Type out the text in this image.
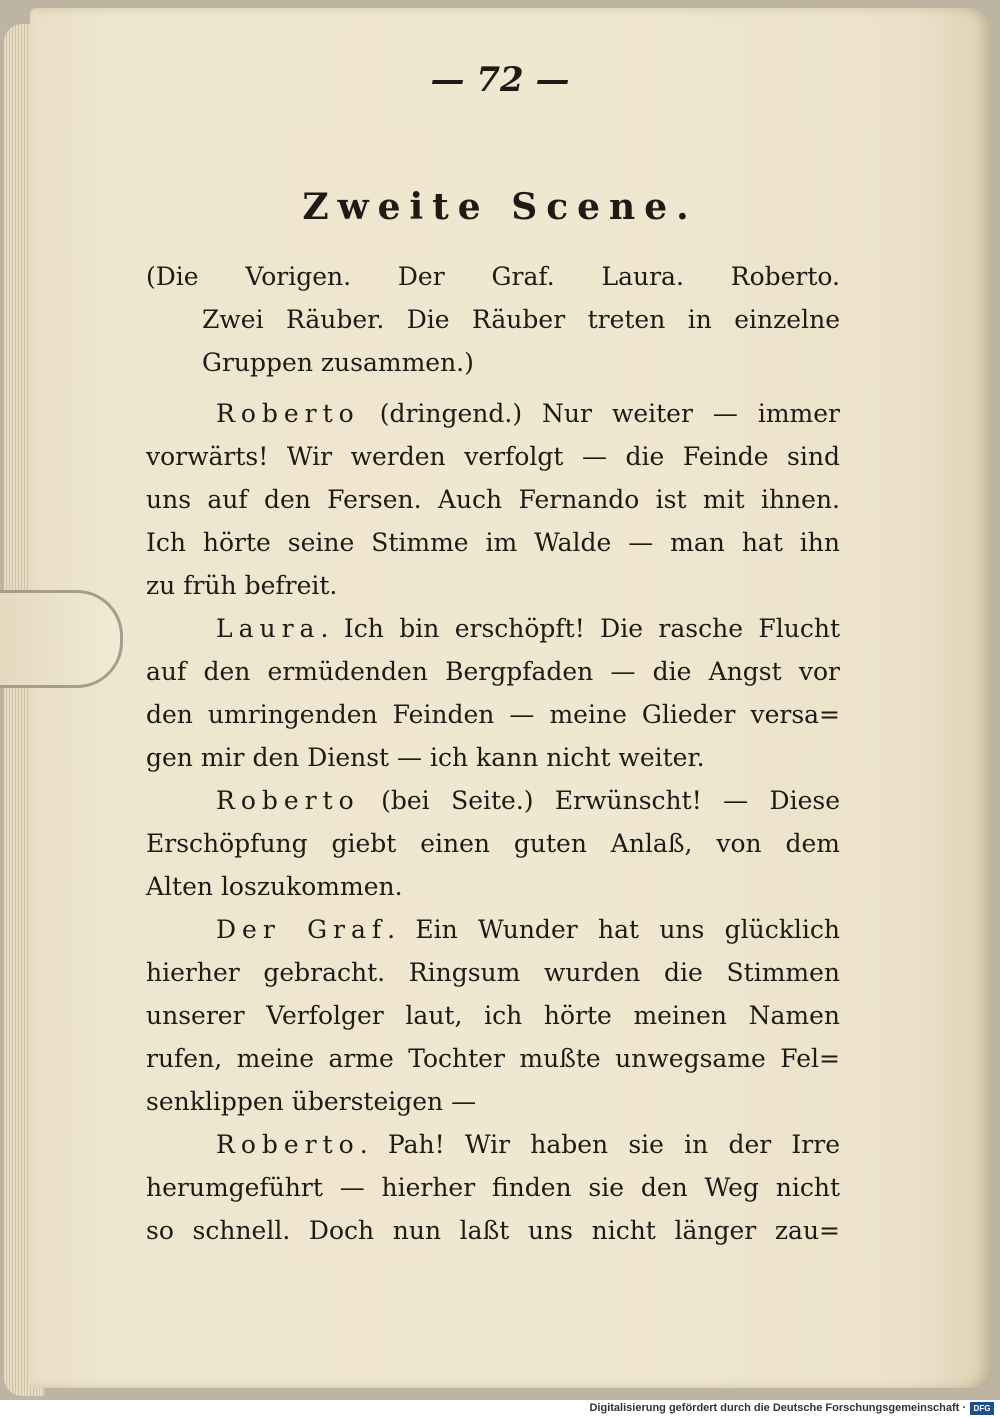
— 72 —
Zweite Scene.
(Die Vorigen. Der Graf. Laura. Roberto.
Zwei Räuber. Die Räuber treten in einzelne
Gruppen zusammen.)
Roberto (dringend.) Nur weiter — immer
vorwärts! Wir werden verfolgt — die Feinde sind
uns auf den Fersen. Auch Fernando ist mit ihnen.
Ich hörte seine Stimme im Walde — man hat ihn
zu früh befreit.
Laura. Ich bin erschöpft! Die rasche Flucht
auf den ermüdenden Bergpfaden — die Angst vor
den umringenden Feinden — meine Glieder versa=
gen mir den Dienst — ich kann nicht weiter.
Roberto (bei Seite.) Erwünscht! — Diese
Erschöpfung giebt einen guten Anlaß, von dem
Alten loszukommen.
Der Graf. Ein Wunder hat uns glücklich
hierher gebracht. Ringsum wurden die Stimmen
unserer Verfolger laut, ich hörte meinen Namen
rufen, meine arme Tochter mußte unwegsame Fel=
senklippen übersteigen —
Roberto. Pah! Wir haben sie in der Irre
herumgeführt — hierher finden sie den Weg nicht
so schnell. Doch nun laßt uns nicht länger zau=
Digitalisierung gefördert durch die Deutsche Forschungsgemeinschaft · DFG
